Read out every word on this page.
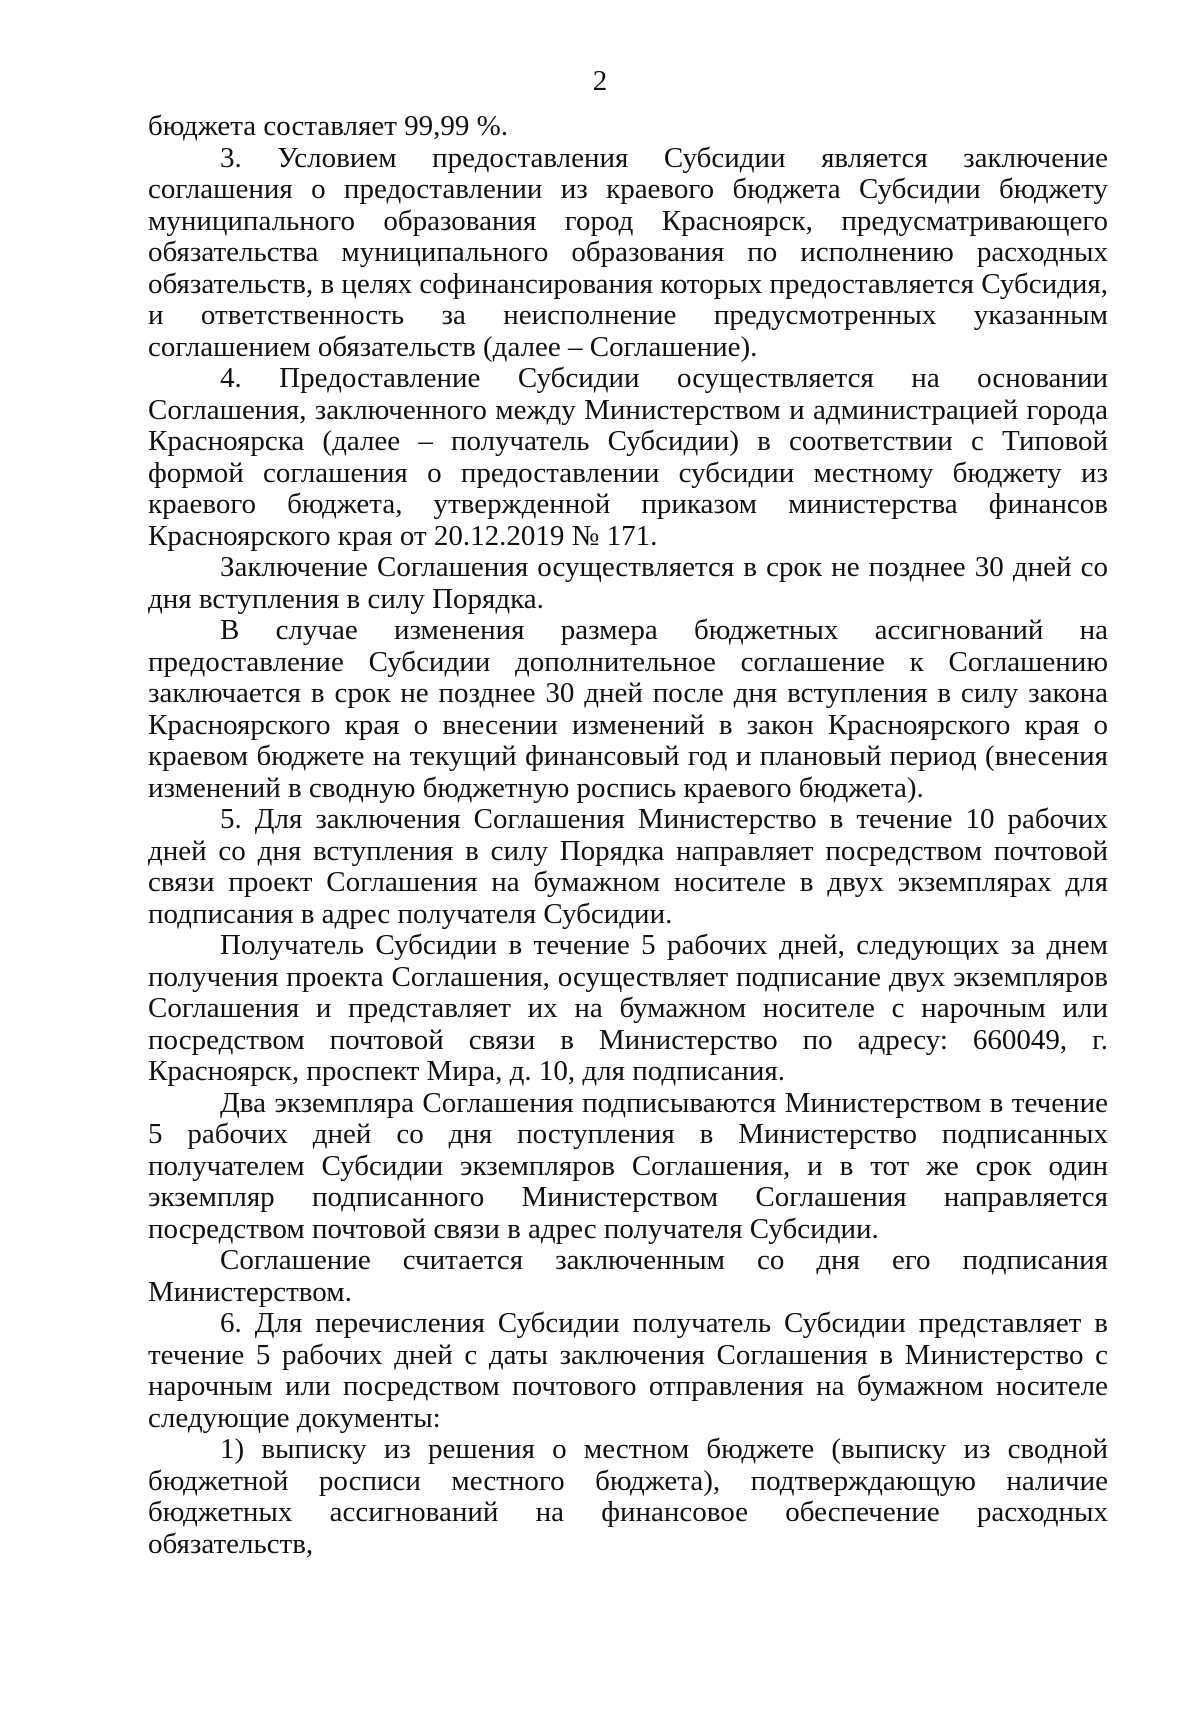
2

бюджета составляет 99,99 %.

3. Условием предоставления Субсидии является заключение соглашения о предоставлении из краевого бюджета Субсидии бюджету муниципального образования город Красноярск, предусматривающего обязательства муниципального образования по исполнению расходных обязательств, в целях софинансирования которых предоставляется Субсидия, и ответственность за неисполнение предусмотренных указанным соглашением обязательств (далее – Соглашение).

4. Предоставление Субсидии осуществляется на основании Соглашения, заключенного между Министерством и администрацией города Красноярска (далее – получатель Субсидии) в соответствии с Типовой формой соглашения о предоставлении субсидии местному бюджету из краевого бюджета, утвержденной приказом министерства финансов Красноярского края от 20.12.2019 № 171.

Заключение Соглашения осуществляется в срок не позднее 30 дней со дня вступления в силу Порядка.

В случае изменения размера бюджетных ассигнований на предоставление Субсидии дополнительное соглашение к Соглашению заключается в срок не позднее 30 дней после дня вступления в силу закона Красноярского края о внесении изменений в закон Красноярского края о краевом бюджете на текущий финансовый год и плановый период (внесения изменений в сводную бюджетную роспись краевого бюджета).

5. Для заключения Соглашения Министерство в течение 10 рабочих дней со дня вступления в силу Порядка направляет посредством почтовой связи проект Соглашения на бумажном носителе в двух экземплярах для подписания в адрес получателя Субсидии.

Получатель Субсидии в течение 5 рабочих дней, следующих за днем получения проекта Соглашения, осуществляет подписание двух экземпляров Соглашения и представляет их на бумажном носителе с нарочным или посредством почтовой связи в Министерство по адресу: 660049, г. Красноярск, проспект Мира, д. 10, для подписания.

Два экземпляра Соглашения подписываются Министерством в течение 5 рабочих дней со дня поступления в Министерство подписанных получателем Субсидии экземпляров Соглашения, и в тот же срок один экземпляр подписанного Министерством Соглашения направляется посредством почтовой связи в адрес получателя Субсидии.

Соглашение считается заключенным со дня его подписания Министерством.

6. Для перечисления Субсидии получатель Субсидии представляет в течение 5 рабочих дней с даты заключения Соглашения в Министерство с нарочным или посредством почтового отправления на бумажном носителе следующие документы:

1) выписку из решения о местном бюджете (выписку из сводной бюджетной росписи местного бюджета), подтверждающую наличие бюджетных ассигнований на финансовое обеспечение расходных обязательств,
